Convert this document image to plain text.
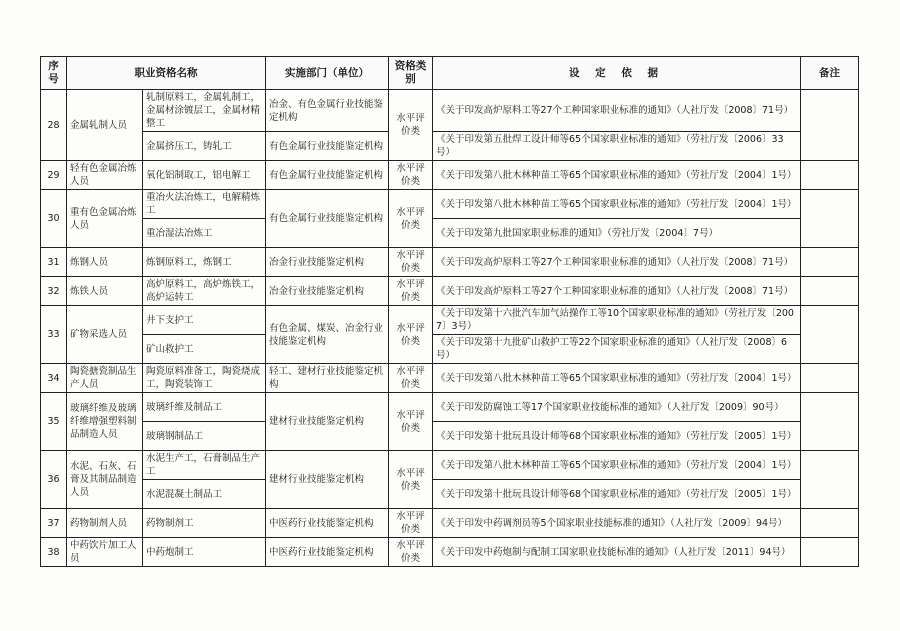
序号	职业资格名称		实施部门（单位）	资格类别	设 定 依 据	备注
28	金属轧制人员	轧制原料工，金属轧制工，金属材涂镀层工，金属材精整工	冶金、有色金属行业技能鉴定机构	水平评价类	《关于印发高炉原料工等27个工种国家职业标准的通知》（人社厅发〔2008〕71号）	
		金属挤压工，铸轧工	有色金属行业技能鉴定机构		《关于印发第五批焊工设计师等65个国家职业标准的通知》（劳社厅发〔2006〕33号）	
29	轻有色金属冶炼人员	氧化铝制取工，铝电解工	有色金属行业技能鉴定机构	水平评价类	《关于印发第八批木林种苗工等65个国家职业标准的通知》（劳社厅发〔2004〕1号）	
30	重有色金属冶炼人员	重冶火法冶炼工，电解精炼工	有色金属行业技能鉴定机构	水平评价类	《关于印发第八批木林种苗工等65个国家职业标准的通知》（劳社厅发〔2004〕1号）	
		重冶湿法冶炼工			《关于印发第九批国家职业标准的通知》（劳社厅发〔2004〕7号）	
31	炼钢人员	炼钢原料工，炼钢工	冶金行业技能鉴定机构	水平评价类	《关于印发高炉原料工等27个工种国家职业标准的通知》（人社厅发〔2008〕71号）	
32	炼铁人员	高炉原料工，高炉炼铁工，高炉运转工	冶金行业技能鉴定机构	水平评价类	《关于印发高炉原料工等27个工种国家职业标准的通知》（人社厅发〔2008〕71号）	
33	矿物采选人员	井下支护工	有色金属、煤炭、冶金行业技能鉴定机构	水平评价类	《关于印发第十六批汽车加气站操作工等10个国家职业标准的通知》（劳社厅发〔2007〕3号）	
		矿山救护工			《关于印发第十九批矿山救护工等22个国家职业标准的通知》（人社厅发〔2008〕6号）	
34	陶瓷搪瓷制品生产人员	陶瓷原料准备工，陶瓷烧成工，陶瓷装饰工	轻工、建材行业技能鉴定机构	水平评价类	《关于印发第八批木林种苗工等65个国家职业标准的通知》（劳社厅发〔2004〕1号）	
35	玻璃纤维及玻璃纤维增强塑料制品制造人员	玻璃纤维及制品工	建材行业技能鉴定机构	水平评价类	《关于印发防腐蚀工等17个国家职业技能标准的通知》（人社厅发〔2009〕90号）	
		玻璃钢制品工			《关于印发第十批玩具设计师等68个国家职业标准的通知》（劳社厅发〔2005〕1号）	
36	水泥、石灰、石膏及其制品制造人员	水泥生产工，石膏制品生产工	建材行业技能鉴定机构	水平评价类	《关于印发第八批木林种苗工等65个国家职业标准的通知》（劳社厅发〔2004〕1号）	
		水泥混凝土制品工			《关于印发第十批玩具设计师等68个国家职业标准的通知》（劳社厅发〔2005〕1号）	
37	药物制剂人员	药物制剂工	中医药行业技能鉴定机构	水平评价类	《关于印发中药调剂员等5个国家职业技能标准的通知》（人社厅发〔2009〕94号）	
38	中药饮片加工人员	中药炮制工	中医药行业技能鉴定机构	水平评价类	《关于印发中药炮制与配制工国家职业技能标准的通知》（人社厅发〔2011〕94号）	
